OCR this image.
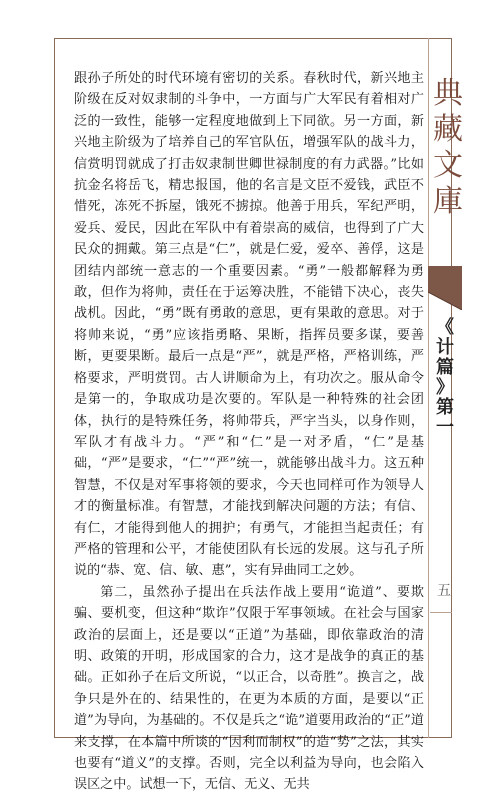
典
藏
文
庫
《
计
篇
》
第
一
五

跟孙子所处的时代环境有密切的关系。春秋时代，新兴地主阶级在反对奴隶制的斗争中，一方面与广大军民有着相对广泛的一致性，能够一定程度地做到上下同欲。另一方面，新兴地主阶级为了培养自己的军官队伍，增强军队的战斗力，信赏明罚就成了打击奴隶制世卿世禄制度的有力武器。”比如抗金名将岳飞，精忠报国，他的名言是文臣不爱钱，武臣不惜死，冻死不拆屋，饿死不掳掠。他善于用兵，军纪严明，爱兵、爱民，因此在军队中有着崇高的威信，也得到了广大民众的拥戴。第三点是“仁”，就是仁爱，爱卒、善俘，这是团结内部统一意志的一个重要因素。“勇”一般都解释为勇敢，但作为将帅，责任在于运筹决胜，不能错下决心，丧失战机。因此，“勇”既有勇敢的意思，更有果敢的意思。对于将帅来说，“勇”应该指勇略、果断，指挥员要多谋，要善断，更要果断。最后一点是“严”，就是严格，严格训练，严格要求，严明赏罚。古人讲顺命为上，有功次之。服从命令是第一的，争取成功是次要的。军队是一种特殊的社会团体，执行的是特殊任务，将帅带兵，严字当头，以身作则，军队才有战斗力。“严”和“仁”是一对矛盾，“仁”是基础，“严”是要求，“仁”“严”统一，就能够出战斗力。这五种智慧，不仅是对军事将领的要求，今天也同样可作为领导人才的衡量标准。有智慧，才能找到解决问题的方法；有信、有仁，才能得到他人的拥护；有勇气，才能担当起责任；有严格的管理和公平，才能使团队有长远的发展。这与孔子所说的“恭、宽、信、敏、惠”，实有异曲同工之妙。

第二，虽然孙子提出在兵法作战上要用“诡道”、要欺骗、要机变，但这种“欺诈”仅限于军事领域。在社会与国家政治的层面上，还是要以“正道”为基础，即依靠政治的清明、政策的开明，形成国家的合力，这才是战争的真正的基础。正如孙子在后文所说，“以正合，以奇胜”。换言之，战争只是外在的、结果性的，在更为本质的方面，是要以“正道”为导向，为基础的。不仅是兵之“诡”道要用政治的“正”道来支撑，在本篇中所谈的“因利而制权”的造“势”之法，其实也要有“道义”的支撑。否则，完全以利益为导向，也会陷入误区之中。试想一下，无信、无义、无共
